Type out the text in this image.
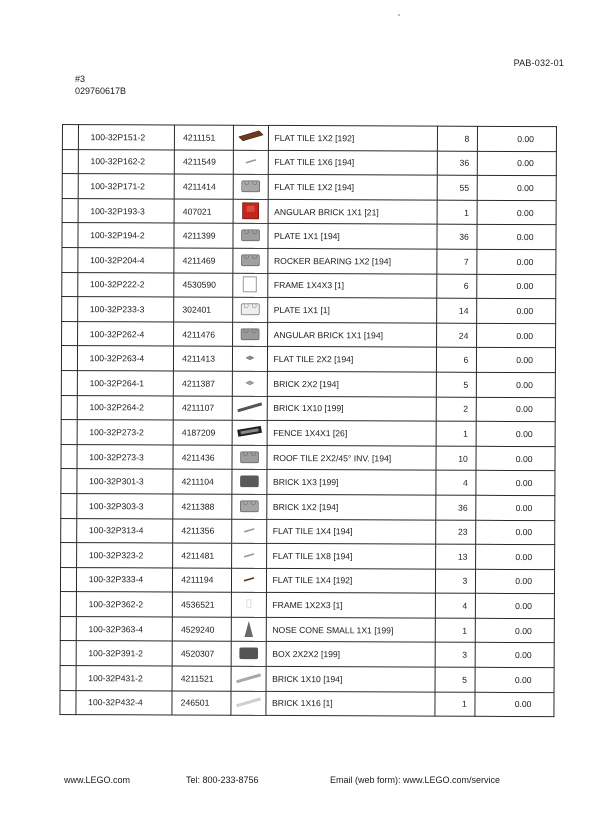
PAB-032-01
#3
029760617B
	100-32P151-2	4211151		FLAT TILE 1X2 [192]	8	0.00
	100-32P162-2	4211549		FLAT TILE 1X6 [194]	36	0.00
	100-32P171-2	4211414		FLAT TILE 1X2 [194]	55	0.00
	100-32P193-3	407021		ANGULAR BRICK 1X1 [21]	1	0.00
	100-32P194-2	4211399		PLATE 1X1 [194]	36	0.00
	100-32P204-4	4211469		ROCKER BEARING 1X2 [194]	7	0.00
	100-32P222-2	4530590		FRAME 1X4X3 [1]	6	0.00
	100-32P233-3	302401		PLATE 1X1 [1]	14	0.00
	100-32P262-4	4211476		ANGULAR BRICK 1X1 [194]	24	0.00
	100-32P263-4	4211413		FLAT TILE 2X2 [194]	6	0.00
	100-32P264-1	4211387		BRICK 2X2 [194]	5	0.00
	100-32P264-2	4211107		BRICK 1X10 [199]	2	0.00
	100-32P273-2	4187209		FENCE 1X4X1 [26]	1	0.00
	100-32P273-3	4211436		ROOF TILE 2X2/45° INV. [194]	10	0.00
	100-32P301-3	4211104		BRICK 1X3 [199]	4	0.00
	100-32P303-3	4211388		BRICK 1X2 [194]	36	0.00
	100-32P313-4	4211356		FLAT TILE 1X4 [194]	23	0.00
	100-32P323-2	4211481		FLAT TILE 1X8 [194]	13	0.00
	100-32P333-4	4211194		FLAT TILE 1X4 [192]	3	0.00
	100-32P362-2	4536521		FRAME 1X2X3 [1]	4	0.00
	100-32P363-4	4529240		NOSE CONE SMALL 1X1 [199]	1	0.00
	100-32P391-2	4520307		BOX 2X2X2 [199]	3	0.00
	100-32P431-2	4211521		BRICK 1X10 [194]	5	0.00
	100-32P432-4	246501		BRICK 1X16 [1]	1	0.00
www.LEGO.com	Tel: 800-233-8756	Email (web form): www.LEGO.com/service
